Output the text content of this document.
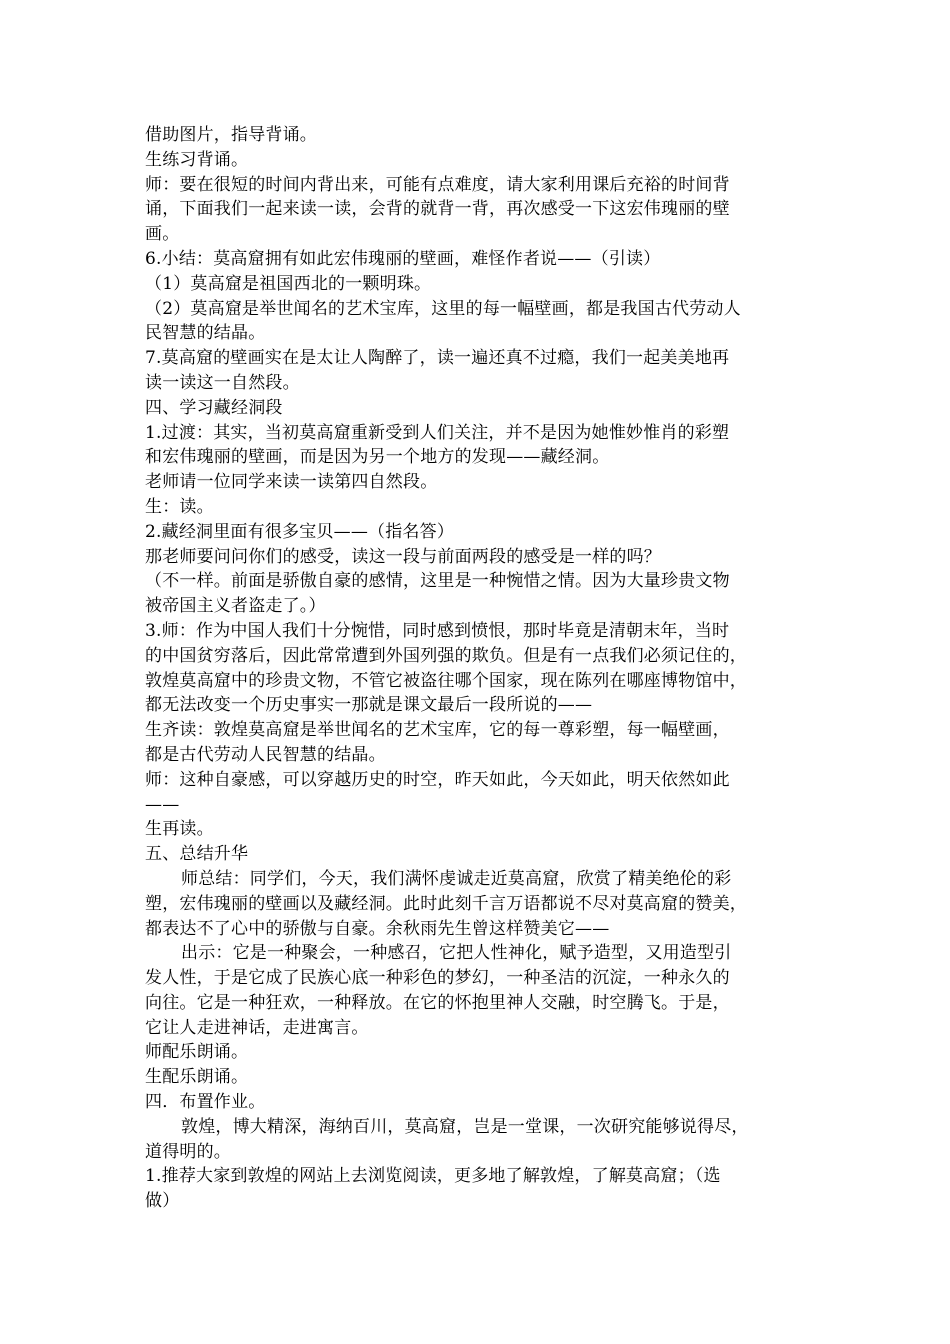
借助图片，指导背诵。
生练习背诵。
师：要在很短的时间内背出来，可能有点难度，请大家利用课后充裕的时间背
诵，下面我们一起来读一读，会背的就背一背，再次感受一下这宏伟瑰丽的壁
画。
6.小结：莫高窟拥有如此宏伟瑰丽的壁画，难怪作者说——（引读）
（1）莫高窟是祖国西北的一颗明珠。
（2）莫高窟是举世闻名的艺术宝库，这里的每一幅壁画，都是我国古代劳动人
民智慧的结晶。
7.莫高窟的壁画实在是太让人陶醉了，读一遍还真不过瘾，我们一起美美地再
读一读这一自然段。
四、学习藏经洞段
1.过渡：其实，当初莫高窟重新受到人们关注，并不是因为她惟妙惟肖的彩塑
和宏伟瑰丽的壁画，而是因为另一个地方的发现——藏经洞。
老师请一位同学来读一读第四自然段。
生：读。
2.藏经洞里面有很多宝贝——（指名答）
那老师要问问你们的感受，读这一段与前面两段的感受是一样的吗？
（不一样。前面是骄傲自豪的感情，这里是一种惋惜之情。因为大量珍贵文物
被帝国主义者盗走了。）
3.师：作为中国人我们十分惋惜，同时感到愤恨，那时毕竟是清朝末年，当时
的中国贫穷落后，因此常常遭到外国列强的欺负。但是有一点我们必须记住的，
敦煌莫高窟中的珍贵文物，不管它被盗往哪个国家，现在陈列在哪座博物馆中，
都无法改变一个历史事实一那就是课文最后一段所说的——
生齐读：敦煌莫高窟是举世闻名的艺术宝库，它的每一尊彩塑，每一幅壁画，
都是古代劳动人民智慧的结晶。
师：这种自豪感，可以穿越历史的时空，昨天如此，今天如此，明天依然如此
——
生再读。
五、总结升华
师总结：同学们，今天，我们满怀虔诚走近莫高窟，欣赏了精美绝伦的彩
塑，宏伟瑰丽的壁画以及藏经洞。此时此刻千言万语都说不尽对莫高窟的赞美，
都表达不了心中的骄傲与自豪。余秋雨先生曾这样赞美它——
出示：它是一种聚会，一种感召，它把人性神化，赋予造型，又用造型引
发人性，于是它成了民族心底一种彩色的梦幻，一种圣洁的沉淀，一种永久的
向往。它是一种狂欢，一种释放。在它的怀抱里神人交融，时空腾飞。于是，
它让人走进神话，走进寓言。
师配乐朗诵。
生配乐朗诵。
四．布置作业。
敦煌，博大精深，海纳百川，莫高窟，岂是一堂课，一次研究能够说得尽，
道得明的。
1.推荐大家到敦煌的网站上去浏览阅读，更多地了解敦煌，了解莫高窟；（选
做）
